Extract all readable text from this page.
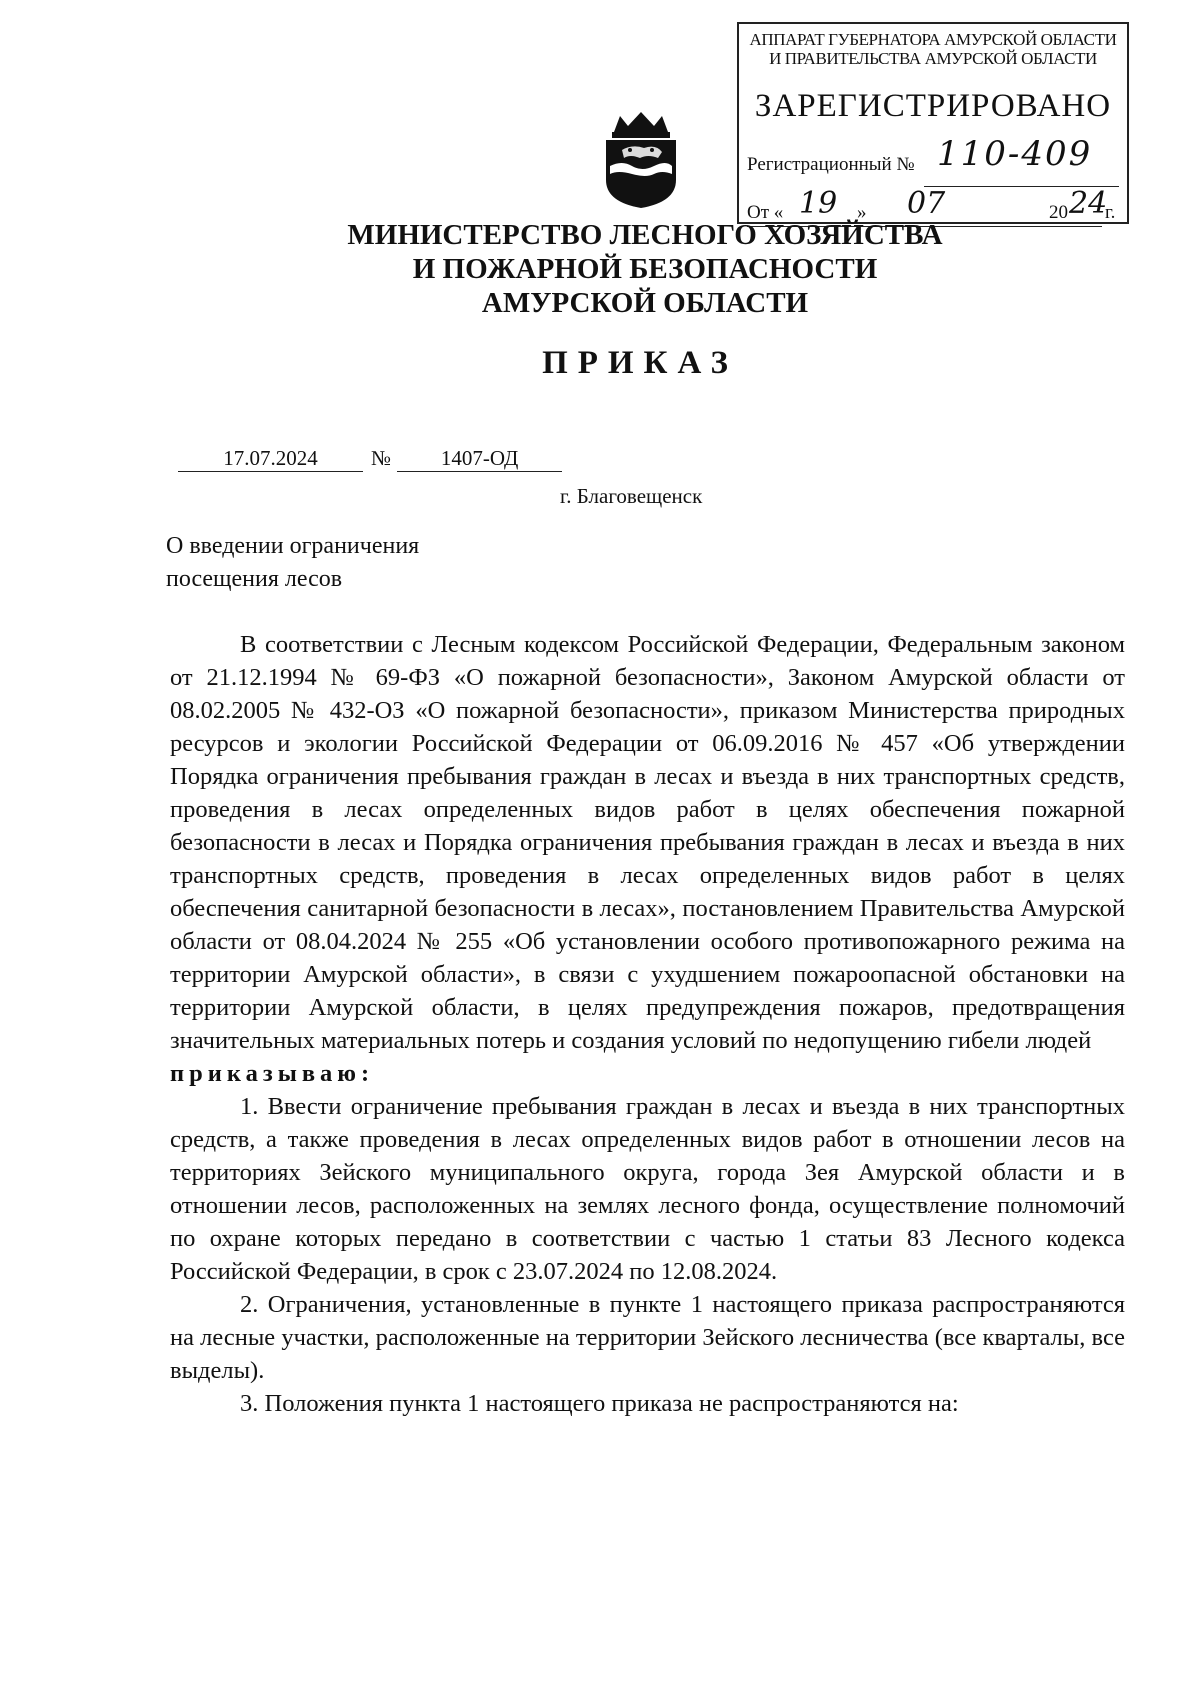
АППАРАТ ГУБЕРНАТОРА АМУРСКОЙ ОБЛАСТИ
И ПРАВИТЕЛЬСТВА АМУРСКОЙ ОБЛАСТИ
ЗАРЕГИСТРИРОВАНО
Регистрационный № 110-409
От « 19 » 07	20 24
г.
МИНИСТЕРСТВО ЛЕСНОГО ХОЗЯЙСТВА
И ПОЖАРНОЙ БЕЗОПАСНОСТИ
АМУРСКОЙ ОБЛАСТИ
ПРИКАЗ
17.07.2024	№ 1407-ОД
г. Благовещенск
О введении ограничения
посещения лесов

В соответствии с Лесным кодексом Российской Федерации, Федеральным законом от 21.12.1994 № 69-ФЗ «О пожарной безопасности», Законом Амурской области от 08.02.2005 № 432-ОЗ «О пожарной безопасности», приказом Министерства природных ресурсов и экологии Российской Федерации от 06.09.2016 № 457 «Об утверждении Порядка ограничения пребывания граждан в лесах и въезда в них транспортных средств, проведения в лесах определенных видов работ в целях обеспечения пожарной безопасности в лесах и Порядка ограничения пребывания граждан в лесах и въезда в них транспортных средств, проведения в лесах определенных видов работ в целях обеспечения санитарной безопасности в лесах», постановлением Правительства Амурской области от 08.04.2024 № 255 «Об установлении особого противопожарного режима на территории Амурской области», в связи с ухудшением пожароопасной обстановки на территории Амурской области, в целях предупреждения пожаров, предотвращения значительных материальных потерь и создания условий по недопущению гибели людей

приказываю:

1. Ввести ограничение пребывания граждан в лесах и въезда в них транспортных средств, а также проведения в лесах определенных видов работ в отношении лесов на территориях Зейского муниципального округа, города Зея Амурской области и в отношении лесов, расположенных на землях лесного фонда, осуществление полномочий по охране которых передано в соответствии с частью 1 статьи 83 Лесного кодекса Российской Федерации, в срок с 23.07.2024 по 12.08.2024.

2. Ограничения, установленные в пункте 1 настоящего приказа распространяются на лесные участки, расположенные на территории Зейского лесничества (все кварталы, все выделы).

3. Положения пункта 1 настоящего приказа не распространяются на:
